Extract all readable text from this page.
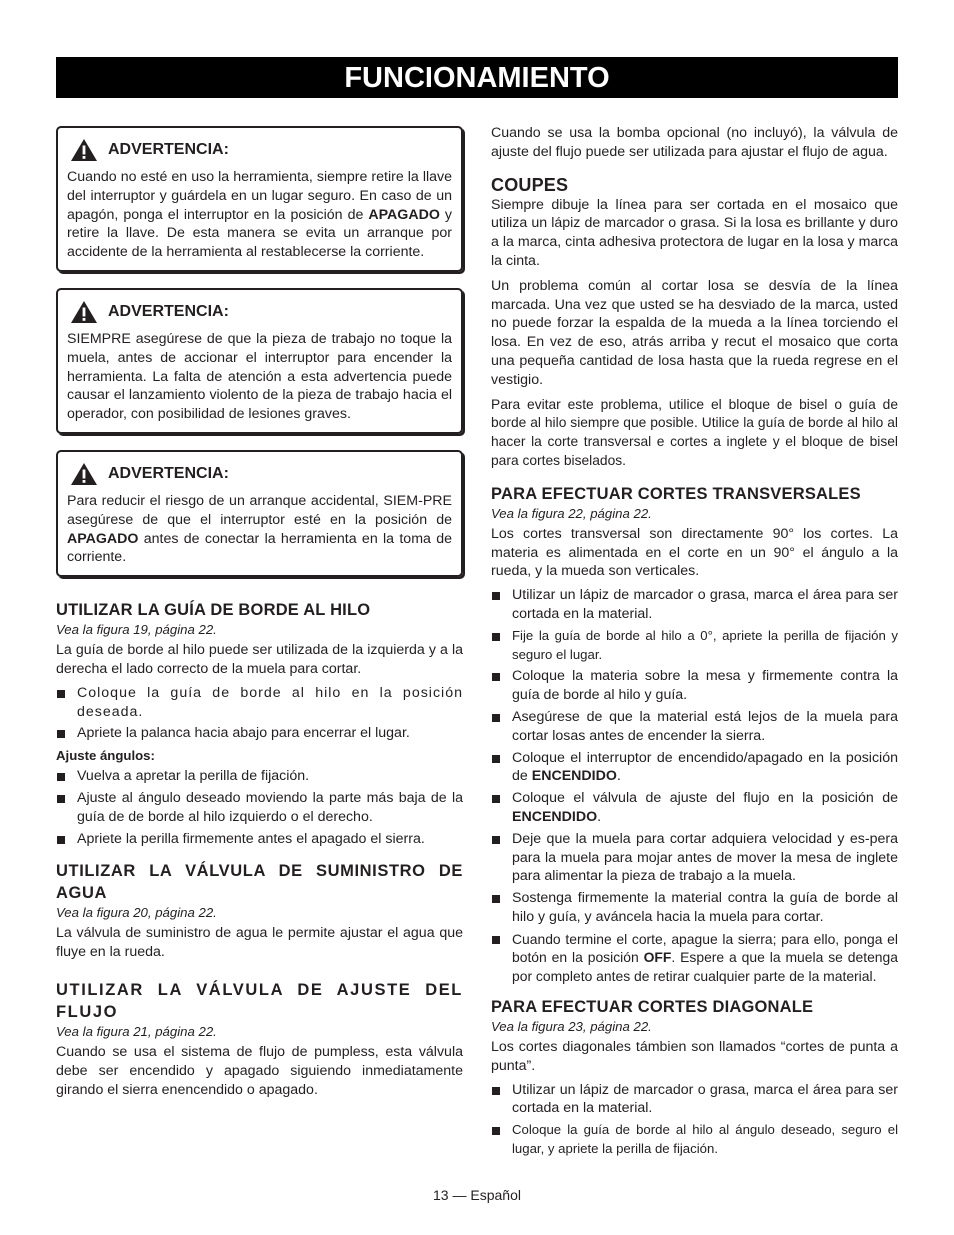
FUNCIONAMIENTO
ADVERTENCIA:

Cuando no esté en uso la herramienta, siempre retire la llave del interruptor y guárdela en un lugar seguro. En caso de un apagón, ponga el interruptor en la posición de APAGADO y retire la llave. De esta manera se evita un arranque por accidente de la herramienta al restablecerse la corriente.

ADVERTENCIA:

SIEMPRE asegúrese de que la pieza de trabajo no toque la muela, antes de accionar el interruptor para encender la herramienta. La falta de atención a esta advertencia puede causar el lanzamiento violento de la pieza de trabajo hacia el operador, con posibilidad de lesiones graves.

ADVERTENCIA:

Para reducir el riesgo de un arranque accidental, SIEM-PRE asegúrese de que el interruptor esté en la posición de APAGADO antes de conectar la herramienta en la toma de corriente.

UTILIZAR LA GUÍA DE BORDE AL HILO
Vea la figura 19, página 22.

La guía de borde al hilo puede ser utilizada de la izquierda y a la derecha el lado correcto de la muela para cortar.

Coloque la guía de borde al hilo en la posición deseada.
Apriete la palanca hacia abajo para encerrar el lugar.
Ajuste ángulos:
Vuelva a apretar la perilla de fijación.
Ajuste al ángulo deseado moviendo la parte más baja de la guía de de borde al hilo izquierdo o el derecho.
Apriete la perilla firmemente antes el apagado el sierra.
UTILIZAR LA VÁLVULA DE SUMINISTRO DE AGUA
Vea la figura 20, página 22.

La válvula de suministro de agua le permite ajustar el agua que fluye en la rueda.

UTILIZAR LA VÁLVULA DE AJUSTE DEL FLUJO
Vea la figura 21, página 22.

Cuando se usa el sistema de flujo de pumpless, esta válvula debe ser encendido y apagado siguiendo inmediatamente girando el sierra enencendido o apagado.

Cuando se usa la bomba opcional (no incluyó), la válvula de ajuste del flujo puede ser utilizada para ajustar el flujo de agua.

COUPES

Siempre dibuje la línea para ser cortada en el mosaico que utiliza un lápiz de marcador o grasa. Si la losa es brillante y duro a la marca, cinta adhesiva protectora de lugar en la losa y marca la cinta.

Un problema común al cortar losa se desvía de la línea marcada. Una vez que usted se ha desviado de la marca, usted no puede forzar la espalda de la mueda a la línea torciendo el losa. En vez de eso, atrás arriba y recut el mosaico que corta una pequeña cantidad de losa hasta que la rueda regrese en el vestigio.

Para evitar este problema, utilice el bloque de bisel o guía de borde al hilo siempre que posible. Utilice la guía de borde al hilo al hacer la corte transversal e cortes a inglete y el bloque de bisel para cortes biselados.

PARA EFECTUAR CORTES TRANSVERSALES
Vea la figura 22, página 22.

Los cortes transversal son directamente 90° los cortes. La materia es alimentada en el corte en un 90° el ángulo a la rueda, y la mueda son verticales.

Utilizar un lápiz de marcador o grasa, marca el área para ser cortada en la material.
Fije la guía de borde al hilo a 0°, apriete la perilla de fijación y seguro el lugar.
Coloque la materia sobre la mesa y firmemente contra la guía de borde al hilo y guía.
Asegúrese de que la material está lejos de la muela para cortar losas antes de encender la sierra.
Coloque el interruptor de encendido/apagado en la posición de ENCENDIDO.
Coloque el válvula de ajuste del flujo en la posición de ENCENDIDO.
Deje que la muela para cortar adquiera velocidad y es-pera para la muela para mojar antes de mover la mesa de inglete para alimentar la pieza de trabajo a la muela.
Sostenga firmemente la material contra la guía de borde al hilo y guía, y aváncela hacia la muela para cortar.
Cuando termine el corte, apague la sierra; para ello, ponga el botón en la posición OFF. Espere a que la muela se detenga por completo antes de retirar cualquier parte de la material.
PARA EFECTUAR CORTES DIAGONALE
Vea la figura 23, página 22.

Los cortes diagonales támbien son llamados “cortes de punta a punta”.

Utilizar un lápiz de marcador o grasa, marca el área para ser cortada en la material.
Coloque la guía de borde al hilo al ángulo deseado, seguro el lugar, y apriete la perilla de fijación.
13 — Español
